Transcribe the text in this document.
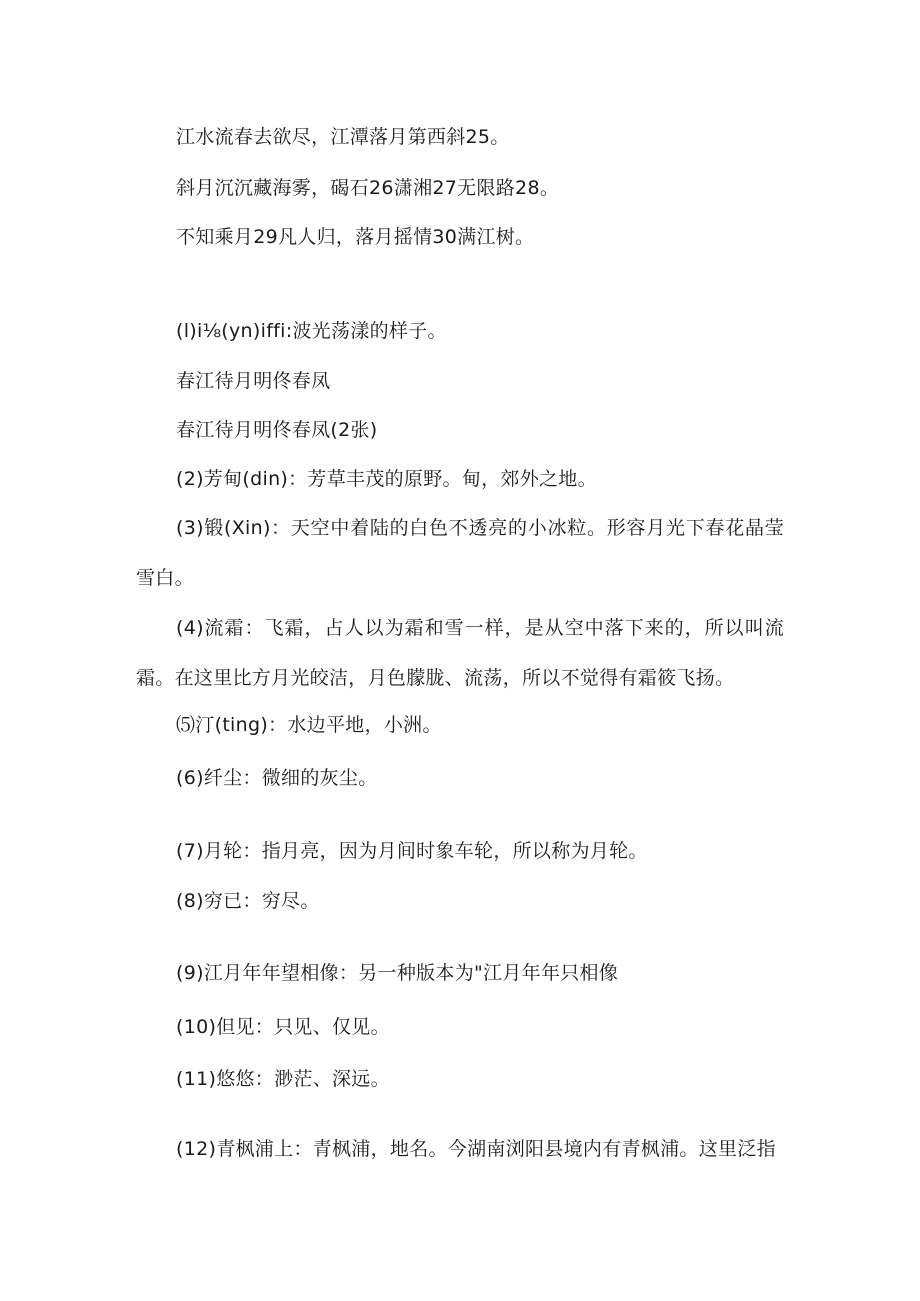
江水流春去欲尽，江潭落月第西斜25。
斜月沉沉藏海雾，碣石26潇湘27无限路28。
不知乘月29凡人归，落月摇情30满江树。
(l)i⅛(yn)iffi:波光荡漾的样子。
春江待月明佟春凤
春江待月明佟春凤(2张)
(2)芳甸(din)：芳草丰茂的原野。甸，郊外之地。
(3)锻(Xin)：天空中着陆的白色不透亮的小冰粒。形容月光下春花晶莹雪白。
(4)流霜：飞霜，占人以为霜和雪一样，是从空中落下来的，所以叫流霜。在这里比方月光皎洁，月色朦胧、流荡，所以不觉得有霜筱飞扬。
⑸汀(ting)：水边平地，小洲。
(6)纤尘：微细的灰尘。
(7)月轮：指月亮，因为月间时象车轮，所以称为月轮。
(8)穷已：穷尽。
(9)江月年年望相像：另一种版本为"江月年年只相像
(10)但见：只见、仅见。
(11)悠悠：渺茫、深远。
(12)青枫浦上：青枫浦，地名。今湖南浏阳县境内有青枫浦。这里泛指
